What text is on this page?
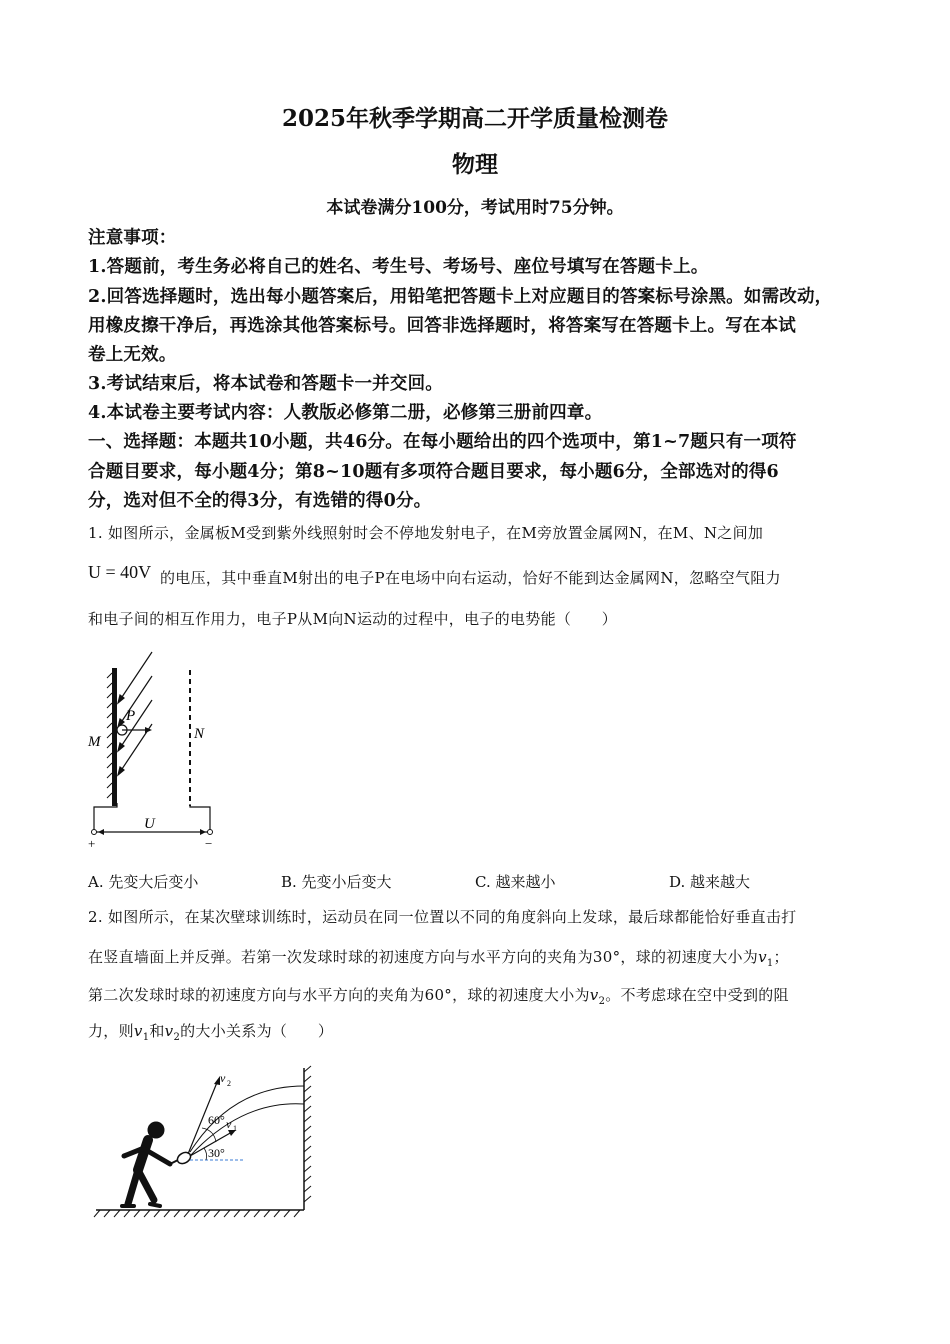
2025年秋季学期高二开学质量检测卷
物理
本试卷满分100分，考试用时75分钟。
注意事项：
1.答题前，考生务必将自己的姓名、考生号、考场号、座位号填写在答题卡上。
2.回答选择题时，选出每小题答案后，用铅笔把答题卡上对应题目的答案标号涂黑。如需改动，
用橡皮擦干净后，再选涂其他答案标号。回答非选择题时，将答案写在答题卡上。写在本试
卷上无效。
3.考试结束后，将本试卷和答题卡一并交回。
4.本试卷主要考试内容：人教版必修第二册，必修第三册前四章。
一、选择题：本题共10小题，共46分。在每小题给出的四个选项中，第1~7题只有一项符
合题目要求，每小题4分；第8~10题有多项符合题目要求，每小题6分，全部选对的得6
分，选对但不全的得3分，有选错的得0分。
1. 如图所示，金属板M受到紫外线照射时会不停地发射电子，在M旁放置金属网N，在M、N之间加
U = 40V 的电压，其中垂直M射出的电子P在电场中向右运动，恰好不能到达金属网N，忽略空气阻力
和电子间的相互作用力，电子P从M向N运动的过程中，电子的电势能（　　）
P
M	N
U
+	−
A. 先变大后变小	B. 先变小后变大	C. 越来越小	D. 越来越大
2. 如图所示，在某次壁球训练时，运动员在同一位置以不同的角度斜向上发球，最后球都能恰好垂直击打
在竖直墙面上并反弹。若第一次发球时球的初速度方向与水平方向的夹角为30°，球的初速度大小为$v_1$；
第二次发球时球的初速度方向与水平方向的夹角为60°，球的初速度大小为$v_2$。不考虑球在空中受到的阻
力，则$v_1$和$v_2$的大小关系为（　　）
v 2
v 1
60°
30°
